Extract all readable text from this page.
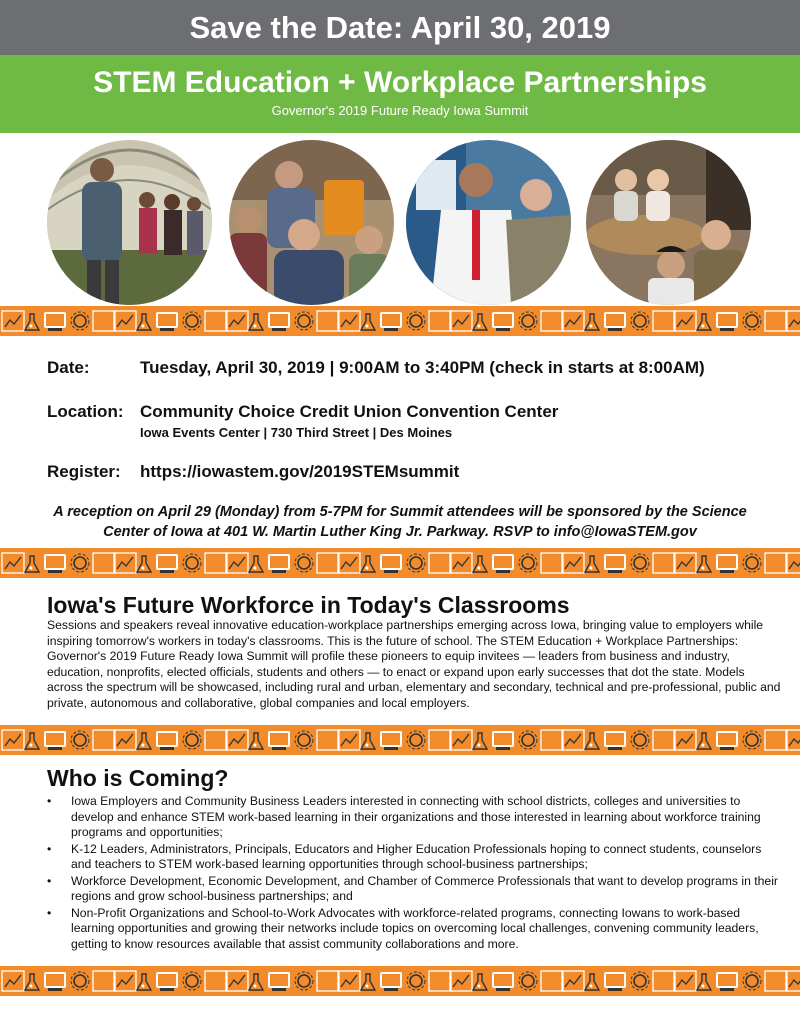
Save the Date: April 30, 2019
STEM Education + Workplace Partnerships
Governor's 2019 Future Ready Iowa Summit
Date:	Tuesday, April 30, 2019 | 9:00AM to 3:40PM (check in starts at 8:00AM)
Location: Community Choice Credit Union Convention Center
Iowa Events Center | 730 Third Street | Des Moines
Register: https://iowastem.gov/2019STEMsummit
A reception on April 29 (Monday) from 5-7PM for Summit attendees will be sponsored by the Science Center of Iowa at 401 W. Martin Luther King Jr. Parkway. RSVP to info@IowaSTEM.gov
Iowa's Future Workforce in Today's Classrooms
Sessions and speakers reveal innovative education-workplace partnerships emerging across Iowa, bringing value to employers while inspiring tomorrow's workers in today's classrooms. This is the future of school. The STEM Education + Workplace Partnerships: Governor's 2019 Future Ready Iowa Summit will profile these pioneers to equip invitees — leaders from business and industry, education, nonprofits, elected officials, students and others — to enact or expand upon early successes that dot the state. Models across the spectrum will be showcased, including rural and urban, elementary and secondary, technical and pre-professional, public and private, autonomous and collaborative, global companies and local employers.
Who is Coming?
• Iowa Employers and Community Business Leaders interested in connecting with school districts, colleges and universities to develop and enhance STEM work-based learning in their organizations and those interested in learning about workforce training programs and opportunities;
• K-12 Leaders, Administrators, Principals, Educators and Higher Education Professionals hoping to connect students, counselors and teachers to STEM work-based learning opportunities through school-business partnerships;
• Workforce Development, Economic Development, and Chamber of Commerce Professionals that want to develop programs in their regions and grow school-business partnerships; and
• Non-Profit Organizations and School-to-Work Advocates with workforce-related programs, connecting Iowans to work-based learning opportunities and growing their networks include topics on overcoming local challenges, convening community leaders, getting to know resources available that assist community collaborations and more.
